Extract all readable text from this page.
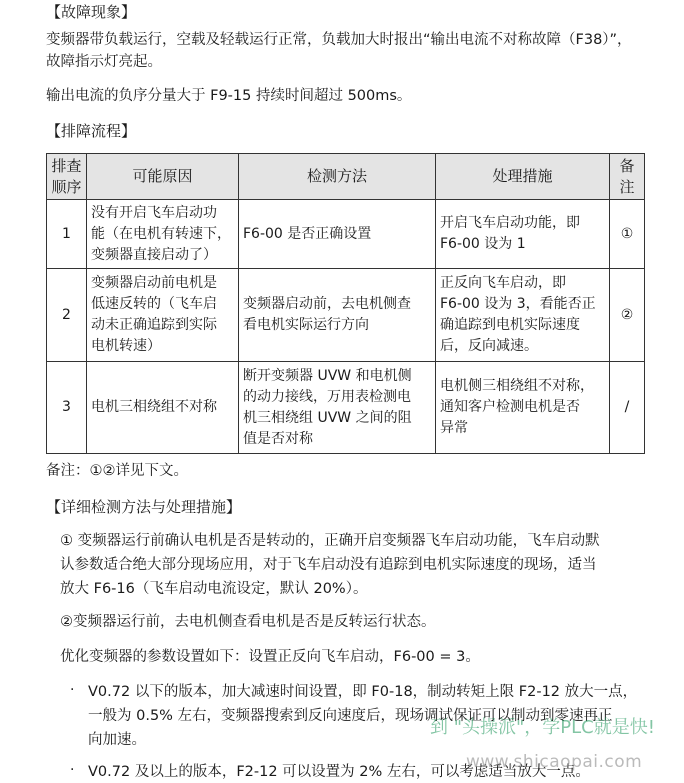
【故障现象】
变频器带负载运行，空载及轻载运行正常，负载加大时报出“输出电流不对称故障（F38）”，
故障指示灯亮起。
输出电流的负序分量大于 F9-15 持续时间超过 500ms。
【排障流程】
排查
顺序	可能原因	检测方法	处理措施	备
注

1	没有开启飞车启动功
能（在电机有转速下，
变频器直接启动了）	F6-00 是否正确设置	开启飞车启动功能，即
F6-00 设为 1	①
2	变频器启动前电机是
低速反转的（飞车启
动未正确追踪到实际
电机转速）	变频器启动前，去电机侧查
看电机实际运行方向	正反向飞车启动，即
F6-00 设为 3，看能否正
确追踪到电机实际速度
后，反向减速。	②
3	电机三相绕组不对称	断开变频器 UVW 和电机侧
的动力接线，万用表检测电
机三相绕组 UVW 之间的阻
值是否对称	电机侧三相绕组不对称，
通知客户检测电机是否
异常	/
备注：①②详见下文。
【详细检测方法与处理措施】
① 变频器运行前确认电机是否是转动的，正确开启变频器飞车启动功能，飞车启动默
认参数适合绝大部分现场应用，对于飞车启动没有追踪到电机实际速度的现场，适当
放大 F6-16（飞车启动电流设定，默认 20%）。
②变频器运行前，去电机侧查看电机是否是反转运行状态。
优化变频器的参数设置如下：设置正反向飞车启动，F6-00 = 3。
· V0.72 以下的版本，加大减速时间设置，即 F0-18，制动转矩上限 F2-12 放大一点，
一般为 0.5% 左右，变频器搜索到反向速度后，现场调试保证可以制动到零速再正
向加速。
· V0.72 及以上的版本，F2-12 可以设置为 2% 左右，可以考虑适当放大一点。
到 "头操派"，学PLC就是快!
www.shicaopai.com
